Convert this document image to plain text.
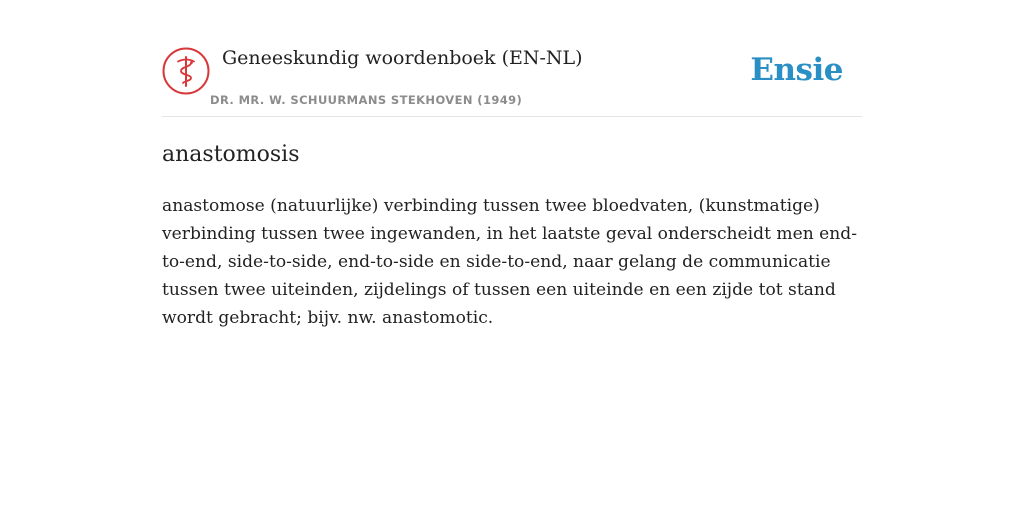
Geneeskundig woordenboek (EN-NL)
DR. MR. W. SCHUURMANS STEKHOVEN (1949)
Ensie
anastomosis

anastomose (natuurlijke) verbinding tussen twee bloedvaten, (kunstmatige) verbinding tussen twee ingewanden, in het laatste geval onderscheidt men end-to-end, side-to-side, end-to-side en side-to-end, naar gelang de communicatie tussen twee uiteinden, zijdelings of tussen een uiteinde en een zijde tot stand wordt gebracht; bijv. nw. anastomotic.
